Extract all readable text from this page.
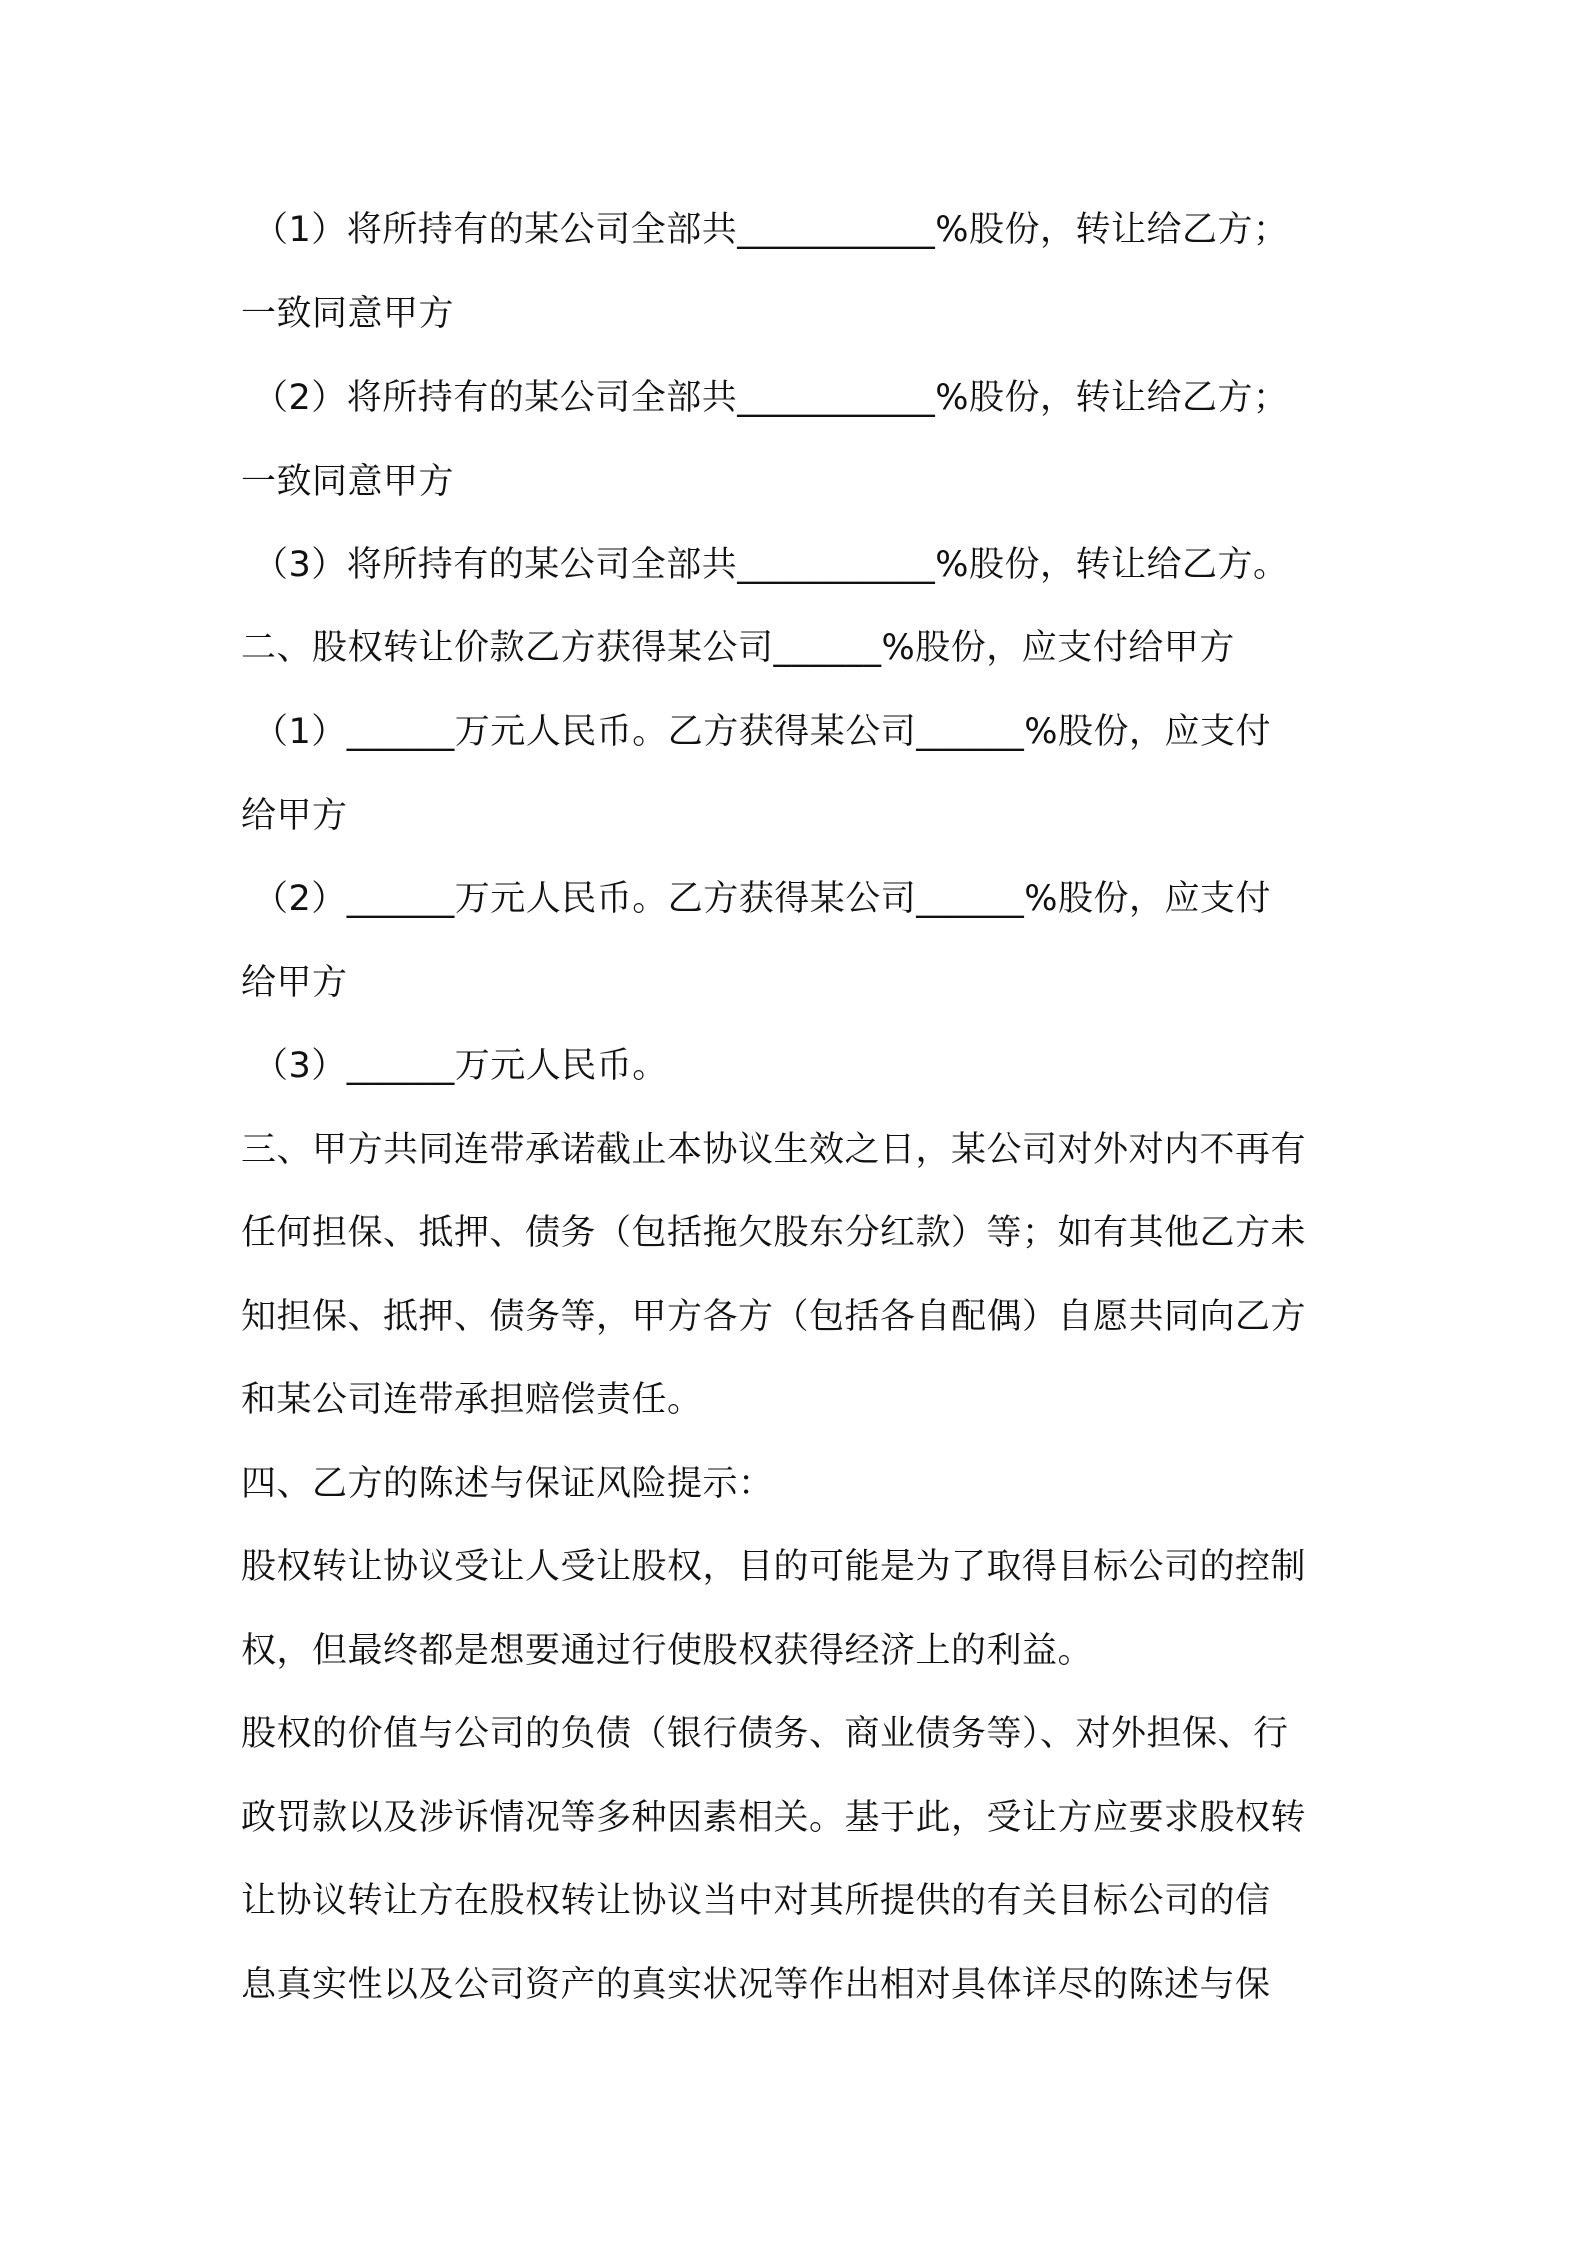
（1）将所持有的某公司全部共___________%股份，转让给乙方；
一致同意甲方
（2）将所持有的某公司全部共___________%股份，转让给乙方；
一致同意甲方
（3）将所持有的某公司全部共___________%股份，转让给乙方。
二、股权转让价款乙方获得某公司______%股份，应支付给甲方
（1）______万元人民币。乙方获得某公司______%股份，应支付
给甲方
（2）______万元人民币。乙方获得某公司______%股份，应支付
给甲方
（3）______万元人民币。
三、甲方共同连带承诺截止本协议生效之日，某公司对外对内不再有
任何担保、抵押、债务（包括拖欠股东分红款）等；如有其他乙方未
知担保、抵押、债务等，甲方各方（包括各自配偶）自愿共同向乙方
和某公司连带承担赔偿责任。
四、乙方的陈述与保证风险提示：
股权转让协议受让人受让股权，目的可能是为了取得目标公司的控制
权，但最终都是想要通过行使股权获得经济上的利益。
股权的价值与公司的负债（银行债务、商业债务等）、对外担保、行
政罚款以及涉诉情况等多种因素相关。基于此，受让方应要求股权转
让协议转让方在股权转让协议当中对其所提供的有关目标公司的信
息真实性以及公司资产的真实状况等作出相对具体详尽的陈述与保
